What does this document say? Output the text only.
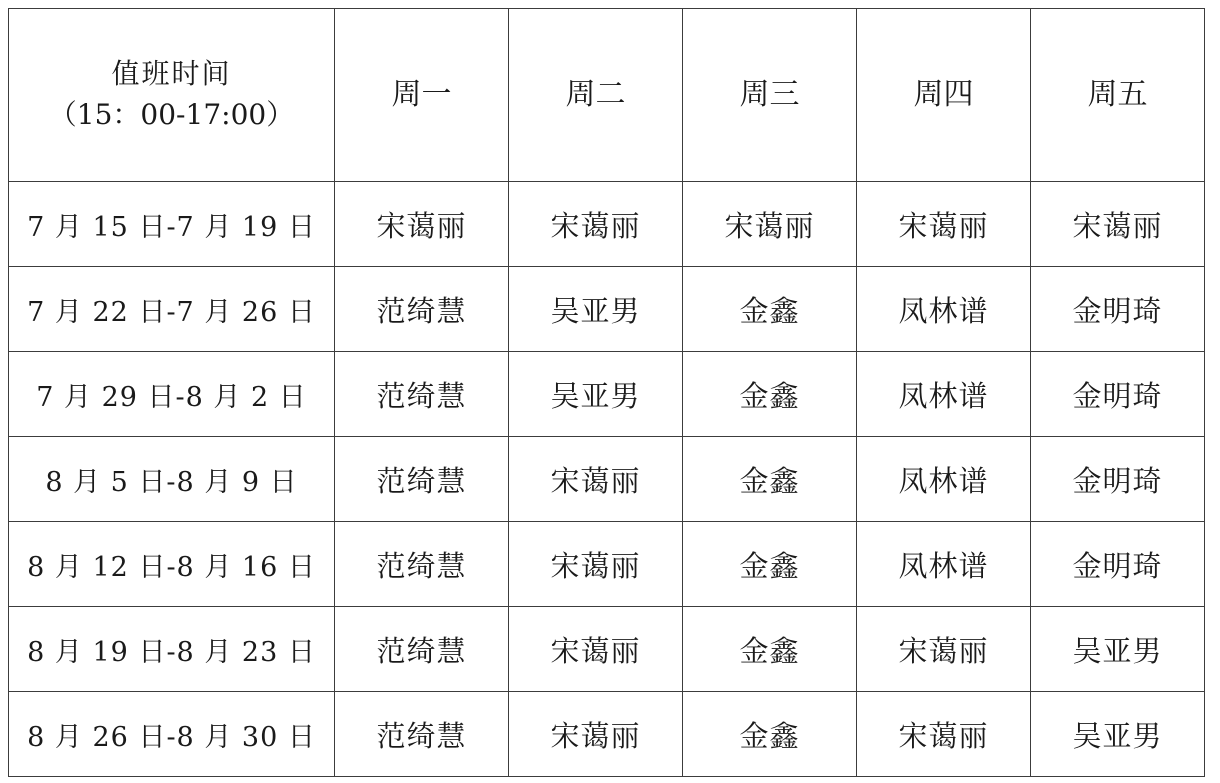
值班时间
（15：00-17:00）	周一	周二	周三	周四	周五
7 月 15 日-7 月 19 日	宋蔼丽	宋蔼丽	宋蔼丽	宋蔼丽	宋蔼丽
7 月 22 日-7 月 26 日	范绮慧	吴亚男	金鑫	凤林谱	金明琦
7 月 29 日-8 月 2 日	范绮慧	吴亚男	金鑫	凤林谱	金明琦
8 月 5 日-8 月 9 日	范绮慧	宋蔼丽	金鑫	凤林谱	金明琦
8 月 12 日-8 月 16 日	范绮慧	宋蔼丽	金鑫	凤林谱	金明琦
8 月 19 日-8 月 23 日	范绮慧	宋蔼丽	金鑫	宋蔼丽	吴亚男
8 月 26 日-8 月 30 日	范绮慧	宋蔼丽	金鑫	宋蔼丽	吴亚男
